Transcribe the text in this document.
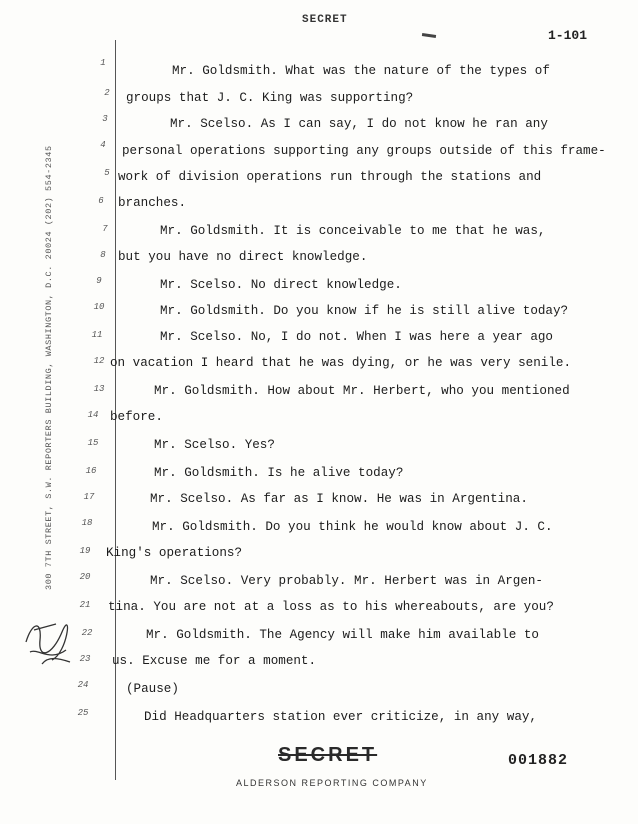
SECRET
1-101
300 7TH STREET, S.W. REPORTERS BUILDING, WASHINGTON, D.C. 20024 (202) 554-2345
1
Mr. Goldsmith. What was the nature of the types of
2	groups that J. C. King was supporting?
3	Mr. Scelso. As I can say, I do not know he ran any
4	personal operations supporting any groups outside of this frame-
5 work of division operations run through the stations and
6	branches.
7	Mr. Goldsmith. It is conceivable to me that he was,
8 but you have no direct knowledge.
9	Mr. Scelso. No direct knowledge.
10	Mr. Goldsmith. Do you know if he is still alive today?
11	Mr. Scelso. No, I do not. When I was here a year ago
12 on vacation I heard that he was dying, or he was very senile.
13	Mr. Goldsmith. How about Mr. Herbert, who you mentioned
14 before.
15	Mr. Scelso. Yes?
16	Mr. Goldsmith. Is he alive today?
17	Mr. Scelso. As far as I know. He was in Argentina.
18	Mr. Goldsmith. Do you think he would know about J. C.
19 King's operations?
20	Mr. Scelso. Very probably. Mr. Herbert was in Argen-
21 tina. You are not at a loss as to his whereabouts, are you?
22	Mr. Goldsmith. The Agency will make him available to
23 us. Excuse me for a moment.
24	(Pause)
25	Did Headquarters station ever criticize, in any way,
SECRET
ALDERSON REPORTING COMPANY
001882
